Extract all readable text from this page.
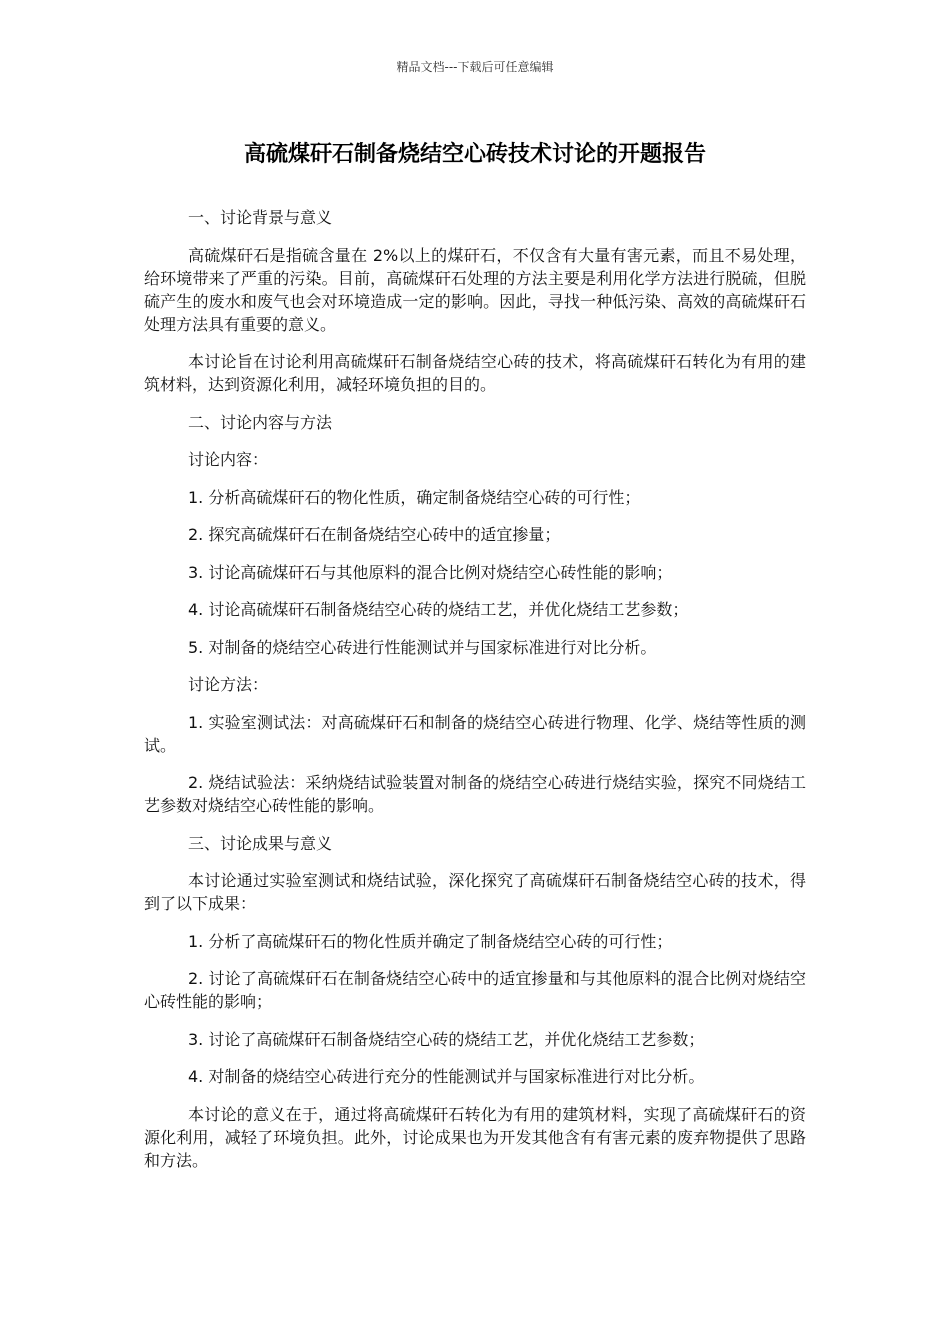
精品文档---下载后可任意编辑
高硫煤矸石制备烧结空心砖技术讨论的开题报告

一、讨论背景与意义

高硫煤矸石是指硫含量在 2%以上的煤矸石，不仅含有大量有害元素，而且不易处理，给环境带来了严重的污染。目前，高硫煤矸石处理的方法主要是利用化学方法进行脱硫，但脱硫产生的废水和废气也会对环境造成一定的影响。因此，寻找一种低污染、高效的高硫煤矸石处理方法具有重要的意义。

本讨论旨在讨论利用高硫煤矸石制备烧结空心砖的技术，将高硫煤矸石转化为有用的建筑材料，达到资源化利用，减轻环境负担的目的。

二、讨论内容与方法

讨论内容：

1. 分析高硫煤矸石的物化性质，确定制备烧结空心砖的可行性；

2. 探究高硫煤矸石在制备烧结空心砖中的适宜掺量；

3. 讨论高硫煤矸石与其他原料的混合比例对烧结空心砖性能的影响；

4. 讨论高硫煤矸石制备烧结空心砖的烧结工艺，并优化烧结工艺参数；

5. 对制备的烧结空心砖进行性能测试并与国家标准进行对比分析。

讨论方法：

1. 实验室测试法：对高硫煤矸石和制备的烧结空心砖进行物理、化学、烧结等性质的测试。

2. 烧结试验法：采纳烧结试验装置对制备的烧结空心砖进行烧结实验，探究不同烧结工艺参数对烧结空心砖性能的影响。

三、讨论成果与意义

本讨论通过实验室测试和烧结试验，深化探究了高硫煤矸石制备烧结空心砖的技术，得到了以下成果：

1. 分析了高硫煤矸石的物化性质并确定了制备烧结空心砖的可行性；

2. 讨论了高硫煤矸石在制备烧结空心砖中的适宜掺量和与其他原料的混合比例对烧结空心砖性能的影响；

3. 讨论了高硫煤矸石制备烧结空心砖的烧结工艺，并优化烧结工艺参数；

4. 对制备的烧结空心砖进行充分的性能测试并与国家标准进行对比分析。

本讨论的意义在于，通过将高硫煤矸石转化为有用的建筑材料，实现了高硫煤矸石的资源化利用，减轻了环境负担。此外，讨论成果也为开发其他含有有害元素的废弃物提供了思路和方法。
